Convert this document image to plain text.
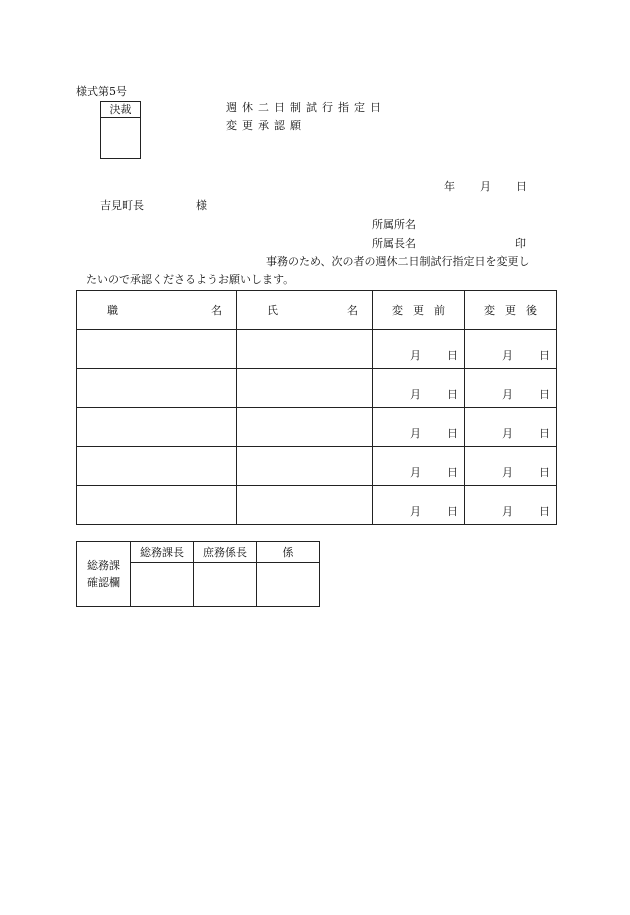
様式第5号
決裁	週休二日制試行指定日
変更承認願
年 月 日
吉見町長	様
所属所名
所属長名	印
事務のため、次の者の週休二日制試行指定日を変更し
たいので承認くださるようお願いします。
職 名	氏 名	変更前	変更後

		月 日	月 日

		月 日	月 日

		月 日	月 日

		月 日	月 日

		月 日	月 日
総務課
確認欄	総務課長	庶務係長	係
